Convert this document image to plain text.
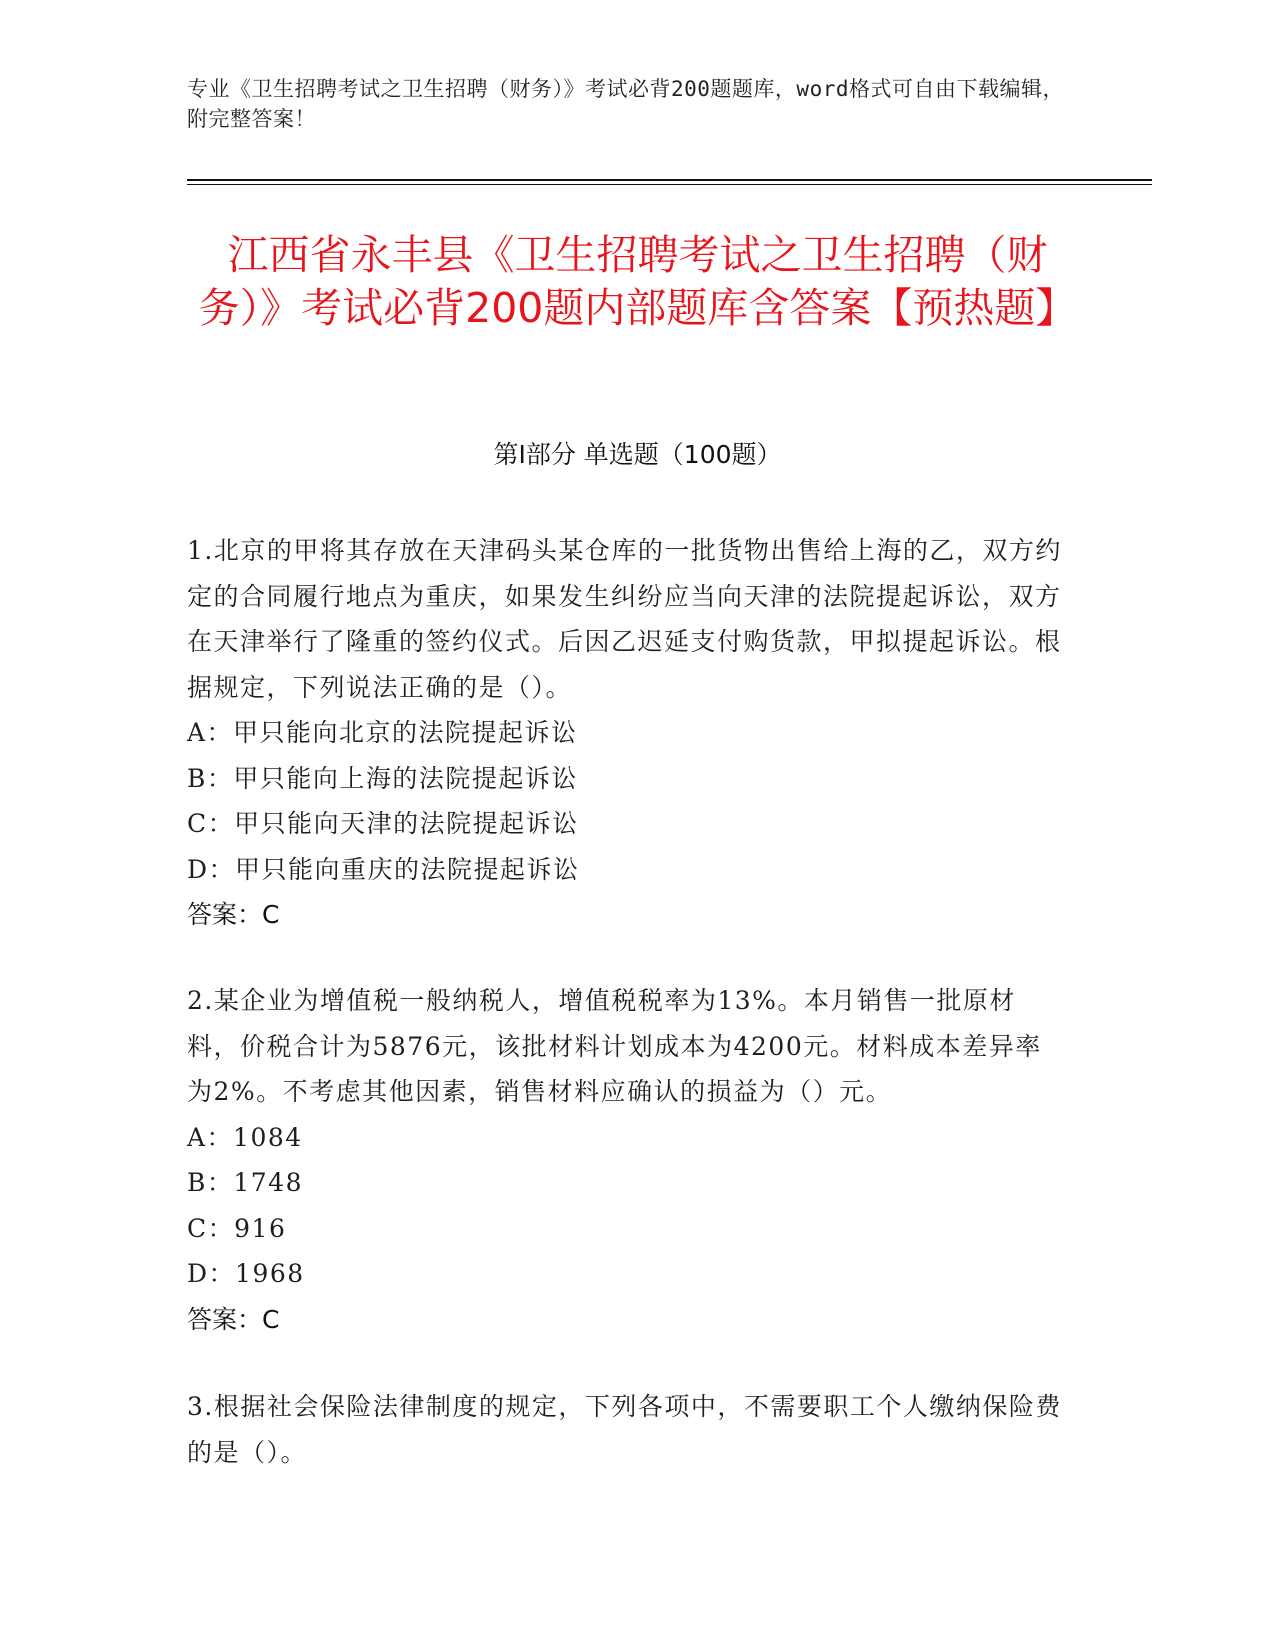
专业《卫生招聘考试之卫生招聘（财务）》考试必背200题题库，word格式可自由下载编辑，附完整答案！
江西省永丰县《卫生招聘考试之卫生招聘（财务）》考试必背200题内部题库含答案【预热题】
第Ⅰ部分 单选题（100题）
1.北京的甲将其存放在天津码头某仓库的一批货物出售给上海的乙，双方约定的合同履行地点为重庆，如果发生纠纷应当向天津的法院提起诉讼，双方在天津举行了隆重的签约仪式。后因乙迟延支付购货款，甲拟提起诉讼。根据规定，下列说法正确的是（）。
A：甲只能向北京的法院提起诉讼
B：甲只能向上海的法院提起诉讼
C：甲只能向天津的法院提起诉讼
D：甲只能向重庆的法院提起诉讼
答案：C
2.某企业为增值税一般纳税人，增值税税率为13%。本月销售一批原材料，价税合计为5876元，该批材料计划成本为4200元。材料成本差异率为2%。不考虑其他因素，销售材料应确认的损益为（）元。
A：1084
B：1748
C：916
D：1968
答案：C
3.根据社会保险法律制度的规定，下列各项中，不需要职工个人缴纳保险费的是（）。
